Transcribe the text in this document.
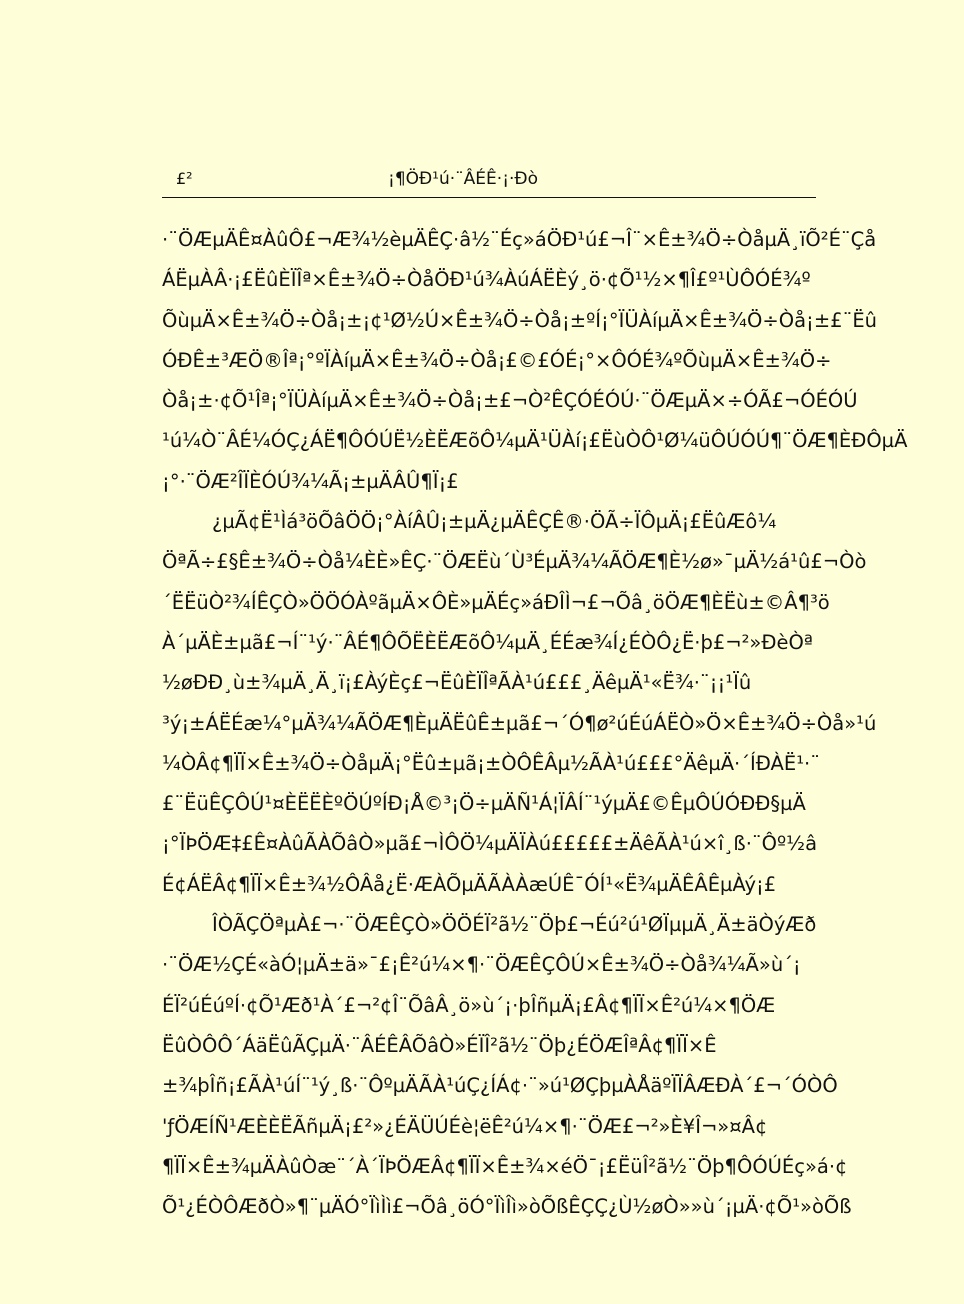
£²	¡¶ÖÐ¹ú·¨ÂÉÊ·¡·Ðò
·¨ÖÆµÄÊ¤ÀûÔ£¬Æ¾½èµÄÊÇ·â½¨Éç»áÖÐ¹ú£¬Î¨×Ê±¾Ö÷ÒåµÄ¸ïÕ²É¨Çå
ÁËµÀÂ·¡£ËûÈÏÎª×Ê±¾Ö÷ÒåÖÐ¹ú¾ÀúÁËÈý¸ö·¢Õ¹½×¶Î£º¹ÙÔÓÉ¾º
ÕùµÄ×Ê±¾Ö÷Òå¡±¡¢¹Ø½Ú×Ê±¾Ö÷Òå¡±ºÍ¡°ÏÜÀíµÄ×Ê±¾Ö÷Òå¡±£¨Ëû
ÓÐÊ±³ÆÖ®Îª¡°ºÏÀíµÄ×Ê±¾Ö÷Òå¡£©£ÓÉ¡°×ÔÓÉ¾ºÕùµÄ×Ê±¾Ö÷
Òå¡±·¢Õ¹Îª¡°ÏÜÀíµÄ×Ê±¾Ö÷Òå¡±£¬Ò²ÊÇÓÉÓÚ·¨ÖÆµÄ×÷ÓÃ£¬ÓÉÓÚ
¹ú¼Ò¨ÂÉ¼ÓÇ¿ÁË¶ÔÓÚË½ÈËÆõÔ¼µÄ¹ÜÀí¡£ËùÒÔ¹Ø¼üÔÚÓÚ¶¨ÖÆ¶ÈÐÔµÄ
¡°·¨ÖÆ²ÎÏÈÓÚ¾¼Ã¡±µÄÂÛ¶Ï¡£
¿µÃ¢Ë¹Ìá³öÕâÖÖ¡°ÀíÂÛ¡±µÄ¿µÄÊÇÊ®·ÖÃ÷ÏÔµÄ¡£ËûÆô¼
ÖªÃ÷£§Ê±¾Ö÷Òå¼ÈÈ»ÊÇ·¨ÖÆËù´Ù³ÉµÄ¾¼ÃÖÆ¶È½ø»¯µÄ½á¹û£¬Òò
´ËËüÒ²¾ÍÊÇÒ»ÖÖÓÀºãµÄ×ÔÈ»µÄÉç»áÐÎÌ¬£¬Õâ¸öÖÆ¶ÈËù±©Â¶³ö
À´µÄÈ±µã£¬Í¨¹ý·¨ÂÉ¶ÔÕËÈËÆõÔ¼µÄ¸ÉÉæ¾Í¿ÉÒÔ¿Ë·þ£¬²»ÐèÒª
½øÐÐ¸ù±¾µÄ¸Ä¸ï¡£ÀýÈç£¬ËûÈÏÎªÃÀ¹ú£££¸ÄêµÄ¹«Ë¾·¨¡¡¹Ïû
³ý¡±ÁËÉæ¼°µÄ¾¼ÃÖÆ¶ÈµÄËûÊ±µã£¬´Ó¶ø²úÉúÁËÒ»Ö×Ê±¾Ö÷Òå»¹ú
¼ÒÂ¢¶ÏÏ×Ê±¾Ö÷ÒåµÄ¡°Ëû±µã¡±ÒÔÊÂµ½ÃÀ¹ú£££°ÄêµÄ·´ÍÐÀË¹·¨
£¨ËüÊÇÔÚ¹¤ÈËËÈºÖÚºÍÐ¡Å©³¡Ö÷µÄÑ¹Á¦ÏÂÍ¨¹ýµÄ£©ÊµÔÚÓÐÐ§µÄ
¡°ÏÞÖÆ‡£Ê¤ÀûÃÀÕâÒ»µã£¬ÌÔÖ¼µÄÏÀú£££££±ÄêÃÀ¹ú×î¸ß·¨Ôº½â
É¢ÁËÂ¢¶ÏÏ×Ê±¾½ÔÂå¿Ë·ÆÀÕµÄÃÀÀæÚÊ¯ÓÍ¹«Ë¾µÄÊÂÊµÀý¡£
ÎÒÃÇÖªµÀ£¬·¨ÖÆÊÇÒ»ÖÖÉÏ²ã½¨Öþ£¬Éú²ú¹ØÏµµÄ¸Ä±äÒýÆð
·¨ÖÆ½ÇÉ«àÓ¦µÄ±ä»¯£¡Ê²ú¼×¶·¨ÖÆÊÇÔÚ×Ê±¾Ö÷Òå¾¼Ã»ù´¡
ÉÏ²úÉúºÍ·¢Õ¹Æð¹À´£¬²¢Î¨ÕâÂ¸ö»ù´¡·þÎñµÄ¡£Â¢¶ÏÏ×Ê²ú¼×¶ÖÆ
ËûÒÔÔ´ÁäËûÃÇµÄ·¨ÂÉÊÂÕâÒ»ÉÏÎ²ã½¨Öþ¿ÉÖÆÎªÂ¢¶ÏÏ×Ê
±¾þÎñ¡£ÃÀ¹úÍ¨¹ý¸ß·¨ÔºµÄÃÀ¹úÇ¿ÍÁ¢·¨»ú¹ØÇþµÀÅäºÏÏÂÆÐÀ´£¬´ÓÒÔ
'ƒÖÆÍÑ¹ÆÈÈËÃñµÄ¡£²»¿ÉÄÜÚÉè¦ëÊ²ú¼×¶·¨ÖÆ£¬²»È¥Î¬»¤Â¢
¶ÏÏ×Ê±¾µÄÀûÒæ¨´À´ÏÞÖÆÂ¢¶ÏÏ×Ê±¾×éÖ¯¡£ËüÎ²ã½¨Öþ¶ÔÓÚÉç»á·¢
Õ¹¿ÉÒÔÆðÒ»¶¨µÄÓ°ÏìÌì£¬Õâ¸öÓ°ÏìÎì»òÕßÊÇÇ¿Ù½øÒ»»ù´¡µÄ·¢Õ¹»òÕß
